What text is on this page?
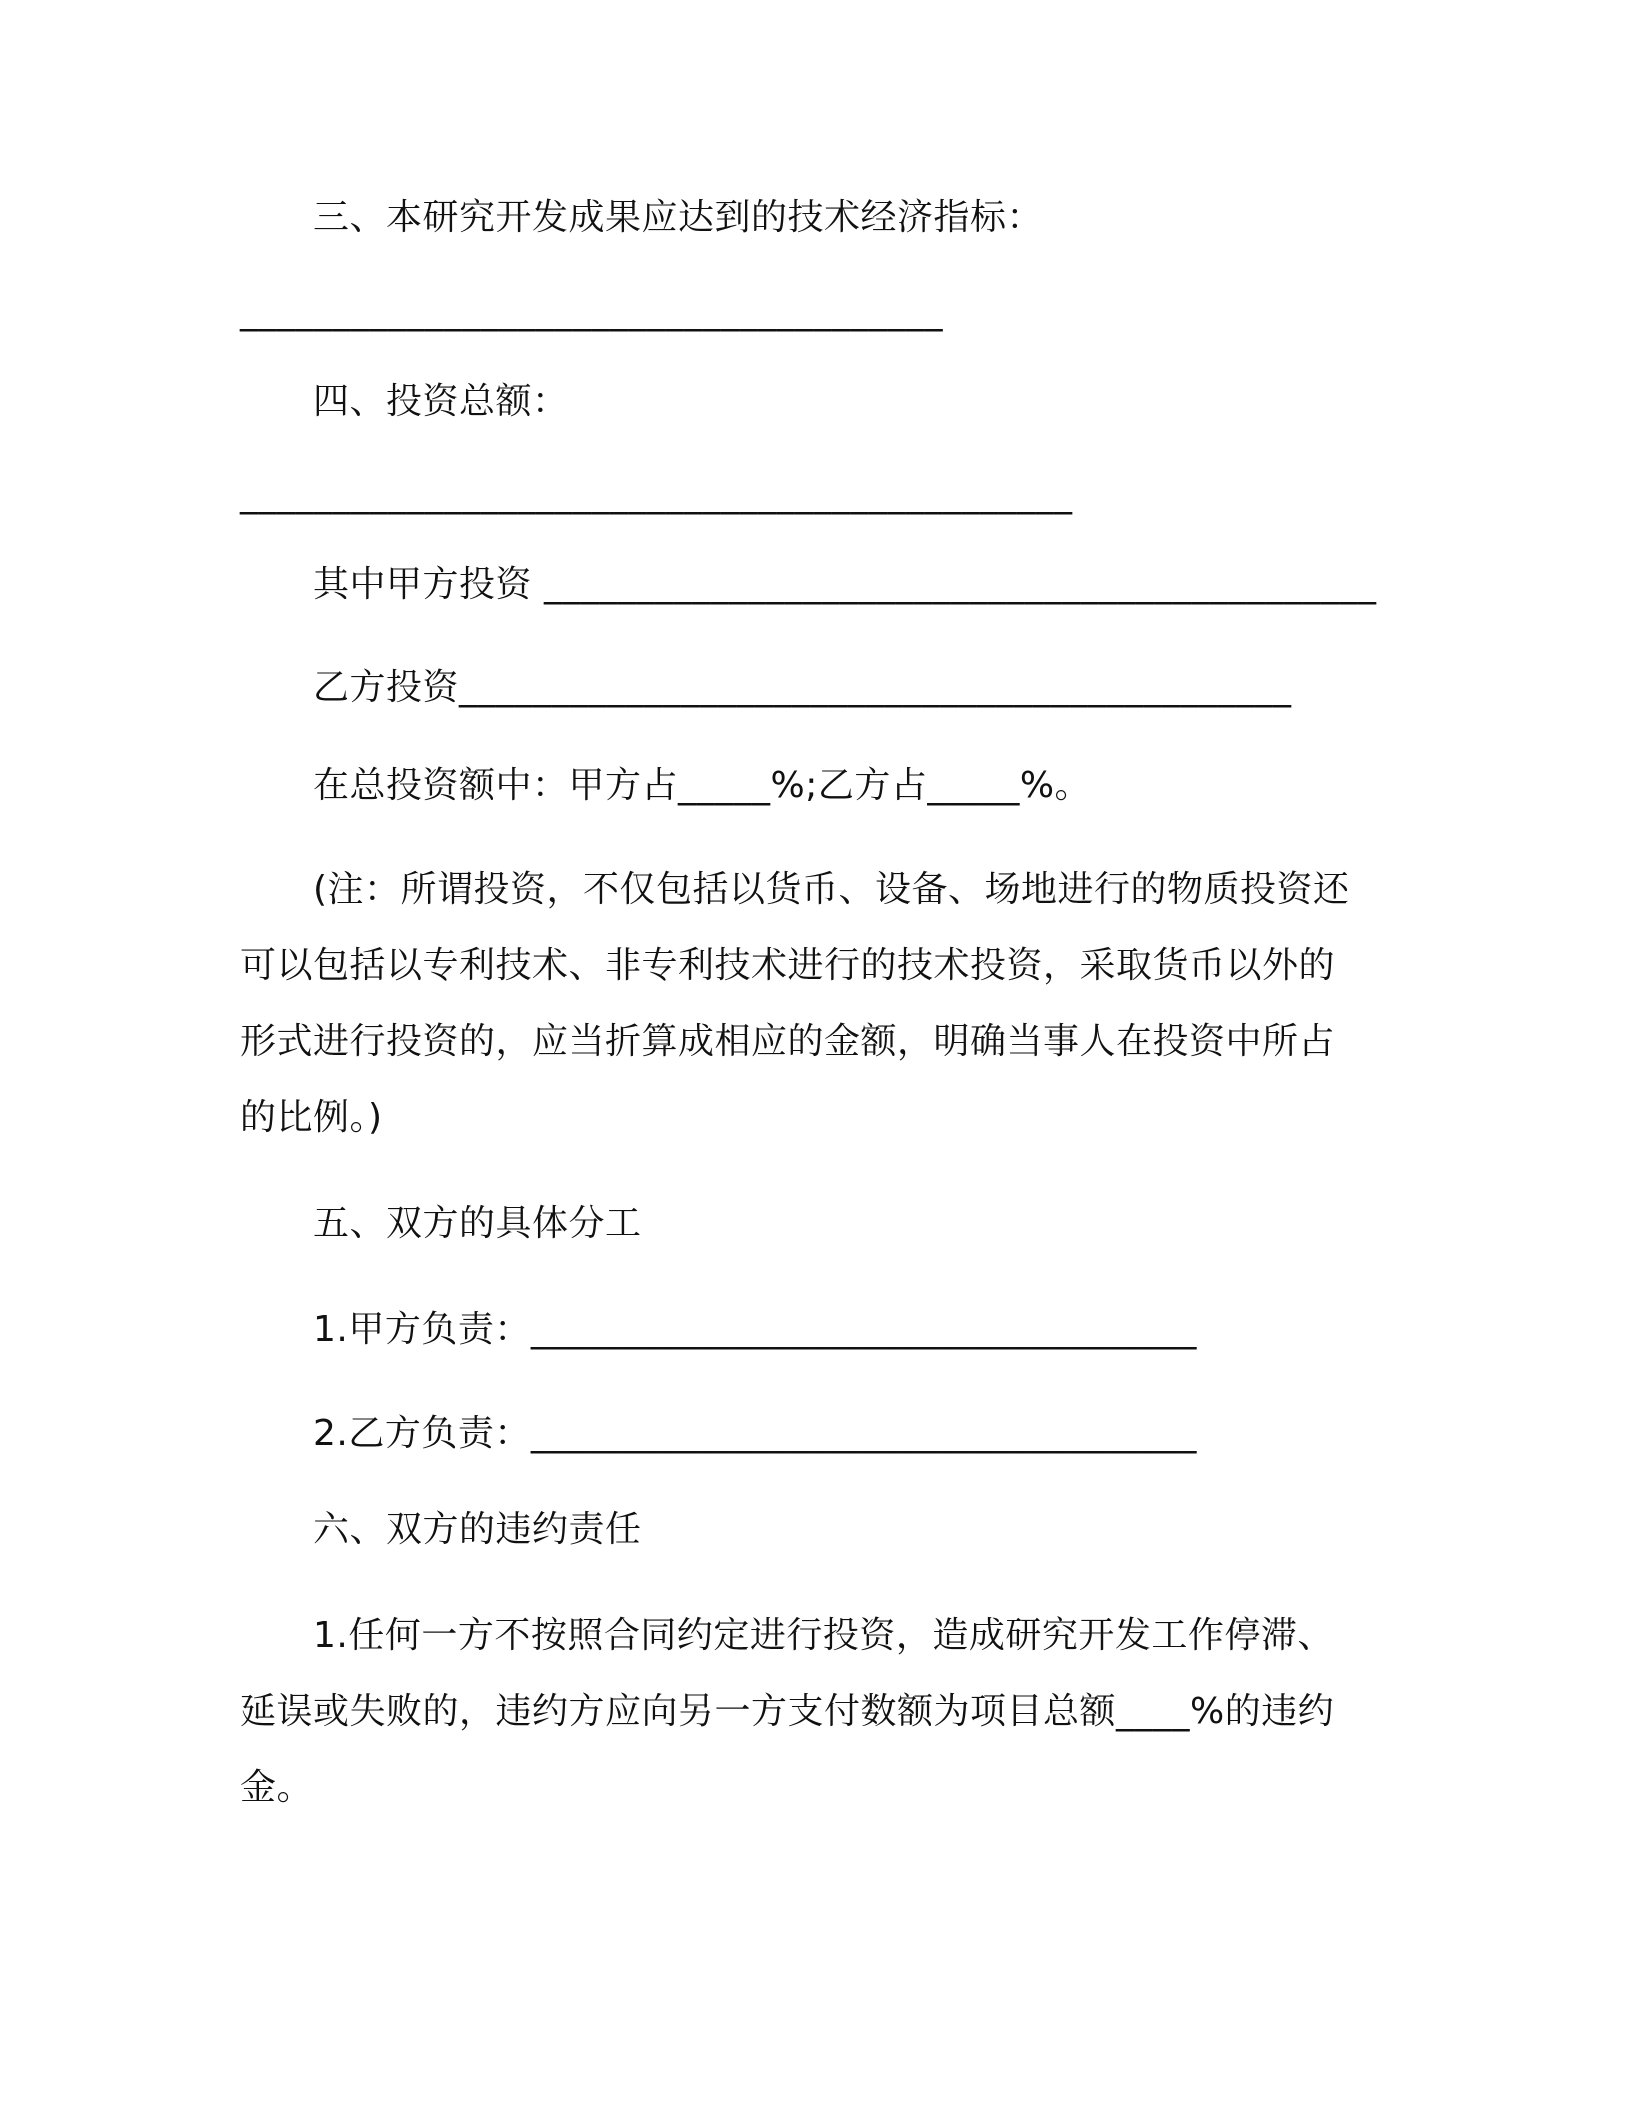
三、本研究开发成果应达到的技术经济指标：
______________________________________
四、投资总额：
_____________________________________________
其中甲方投资 _____________________________________________
乙方投资_____________________________________________
在总投资额中：甲方占_____%;乙方占_____%。
(注：所谓投资，不仅包括以货币、设备、场地进行的物质投资还
可以包括以专利技术、非专利技术进行的技术投资，采取货币以外的
形式进行投资的，应当折算成相应的金额，明确当事人在投资中所占
的比例。)
五、双方的具体分工
1.甲方负责：____________________________________
2.乙方负责：____________________________________
六、双方的违约责任
1.任何一方不按照合同约定进行投资，造成研究开发工作停滞、
延误或失败的，违约方应向另一方支付数额为项目总额____%的违约
金。
